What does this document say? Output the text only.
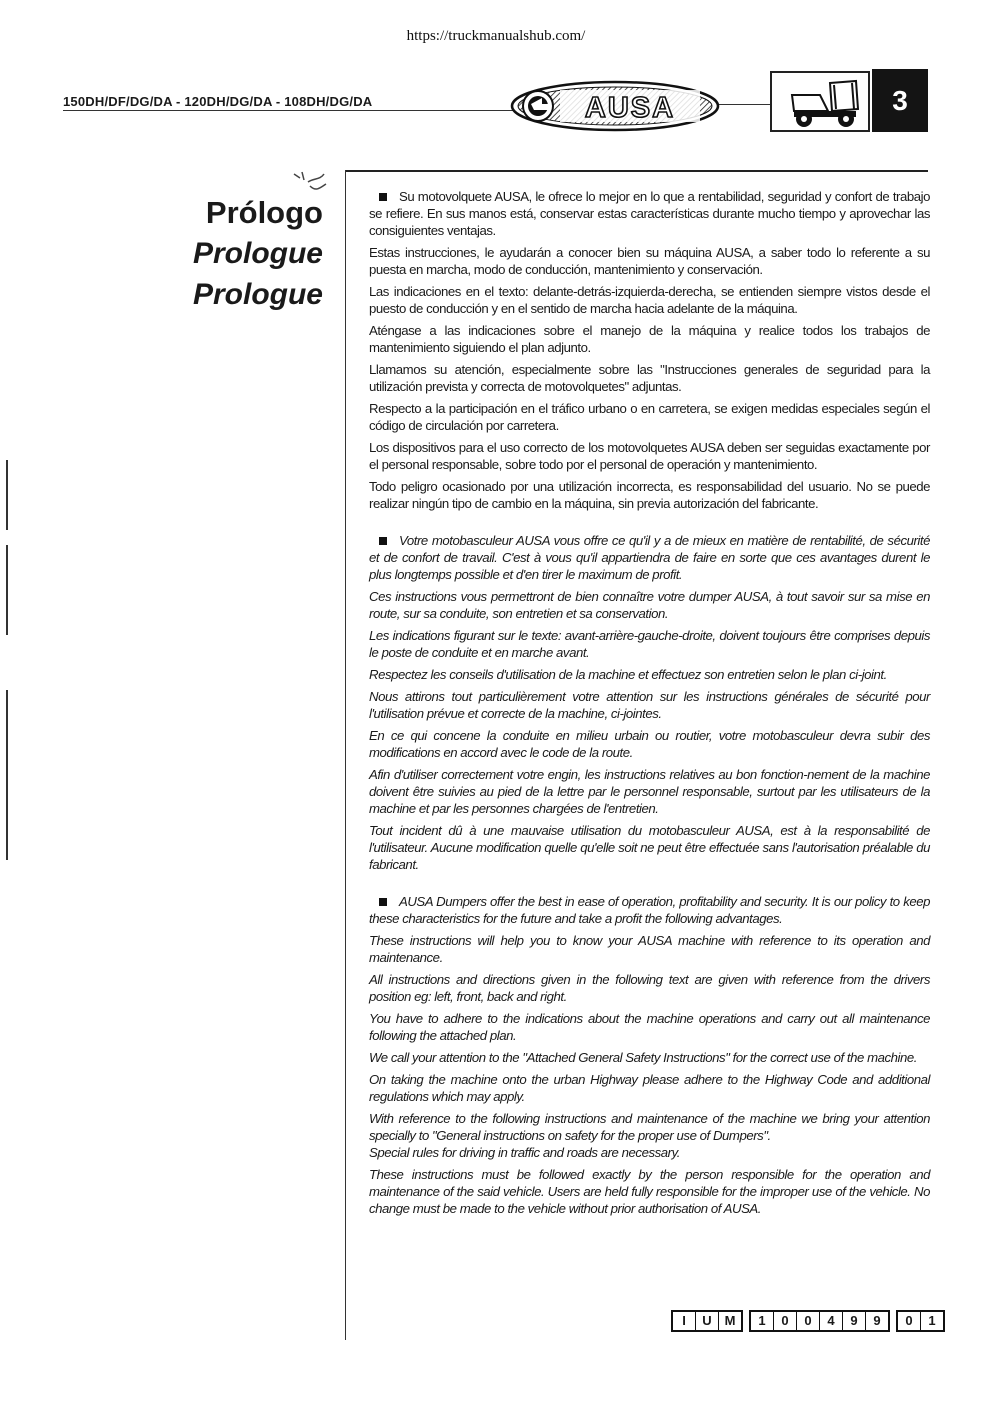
https://truckmanualshub.com/
150DH/DF/DG/DA - 120DH/DG/DA - 108DH/DG/DA	AUSA	3
Prólogo
Prologue
Prologue

Su motovolquete AUSA, le ofrece lo mejor en lo que a rentabilidad, seguridad y confort de trabajo se refiere. En sus manos está, conservar estas características durante mucho tiempo y aprovechar las consiguientes ventajas.

Estas instrucciones, le ayudarán a conocer bien su máquina AUSA, a saber todo lo referente a su puesta en marcha, modo de conducción, mantenimiento y conservación.

Las indicaciones en el texto: delante-detrás-izquierda-derecha, se entienden siempre vistos desde el puesto de conducción y en el sentido de marcha hacia adelante de la máquina.

Aténgase a las indicaciones sobre el manejo de la máquina y realice todos los trabajos de mantenimiento siguiendo el plan adjunto.

Llamamos su atención, especialmente sobre las "Instrucciones generales de seguridad para la utilización prevista y correcta de motovolquetes" adjuntas.

Respecto a la participación en el tráfico urbano o en carretera, se exigen medidas especiales según el código de circulación por carretera.

Los dispositivos para el uso correcto de los motovolquetes AUSA deben ser seguidas exactamente por el personal responsable, sobre todo por el personal de operación y mantenimiento.

Todo peligro ocasionado por una utilización incorrecta, es responsabilidad del usuario. No se puede realizar ningún tipo de cambio en la máquina, sin previa autorización del fabricante.

Votre motobasculeur AUSA vous offre ce qu'il y a de mieux en matière de rentabilité, de sécurité et de confort de travail. C'est à vous qu'il appartiendra de faire en sorte que ces avantages durent le plus longtemps possible et d'en tirer le maximum de profit.

Ces instructions vous permettront de bien connaître votre dumper AUSA, à tout savoir sur sa mise en route, sur sa conduite, son entretien et sa conservation.

Les indications figurant sur le texte: avant-arrière-gauche-droite, doivent toujours être comprises depuis le poste de conduite et en marche avant.

Respectez les conseils d'utilisation de la machine et effectuez son entretien selon le plan ci-joint.

Nous attirons tout particulièrement votre attention sur les instructions générales de sécurité pour l'utilisation prévue et correcte de la machine, ci-jointes.

En ce qui concene la conduite en milieu urbain ou routier, votre motobasculeur devra subir des modifications en accord avec le code de la route.

Afin d'utiliser correctement votre engin, les instructions relatives au bon fonction-nement de la machine doivent être suivies au pied de la lettre par le personnel responsable, surtout par les utilisateurs de la machine et par les personnes chargées de l'entretien.

Tout incident dû à une mauvaise utilisation du motobasculeur AUSA, est à la responsabilité de l'utilisateur. Aucune modification quelle qu'elle soit ne peut être effectuée sans l'autorisation préalable du fabricant.

AUSA Dumpers offer the best in ease of operation, profitability and security. It is our policy to keep these characteristics for the future and take a profit the following advantages.

These instructions will help you to know your AUSA machine with reference to its operation and maintenance.

All instructions and directions given in the following text are given with reference from the drivers position eg: left, front, back and right.

You have to adhere to the indications about the machine operations and carry out all maintenance following the attached plan.

We call your attention to the "Attached General Safety Instructions" for the correct use of the machine.

On taking the machine onto the urban Highway please adhere to the Highway Code and additional regulations which may apply.

With reference to the following instructions and maintenance of the machine we bring your attention specially to "General instructions on safety for the proper use of Dumpers".

Special rules for driving in traffic and roads are necessary.

These instructions must be followed exactly by the person responsible for the operation and maintenance of the said vehicle. Users are held fully responsible for the improper use of the vehicle. No change must be made to the vehicle without prior authorisation of AUSA.

I	U M	1	0	0	4	9	9	0	1
